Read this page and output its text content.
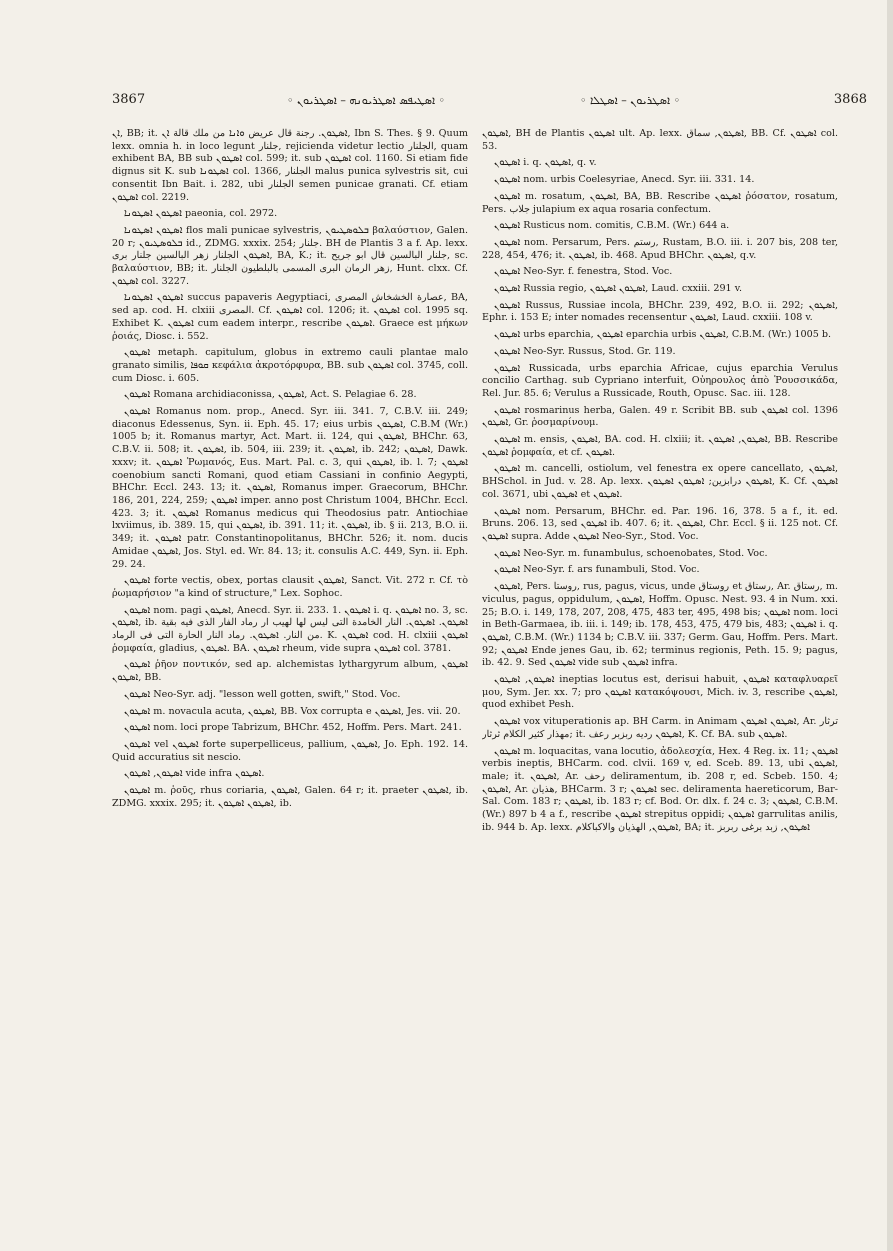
3867	◦ ܐܣܛܝܦܣ ܐܣܛܪܝܘܢܗ – ܐܣܛܪܝܘܢ ◦	◦ ܐܣܛܪܝܘܢ – ܐܣܛܠܐ ◦	3868

ܐܢ, BB; it. ܐܣܛܘܢ. رجنة قال عريض ܘܐܢܐ من ملك قالة ܐܢ, Ibn S. Thes. § 9. Quum lexx. omnia h. in loco legunt جلنار, rejicienda videtur lectio الجلنار, quam exhibent BA, BB sub ܐܣܛܘܢ col. 599; it. sub ܐܣܛܘܢ col. 1160. Si etiam fide dignus sit K. sub ܐܣܛܘܢܐ col. 1366, الجلنار malus punica sylvestris sit, cui consentit Ibn Bait. i. 282, ubi الجلنار semen punicae granati. Cf. etiam ܐܣܛܘܢ col. 2219.

ܐܣܛܘܢ ܐܣܛܘܢܐ paeonia, col. 2972.

ܐܣܛܘܢ ܐܣܛܘܢܐ flos mali punicae sylvestris, ܒܠܘܣܛܝܘܢ βαλαύστιον, Galen. 20 r; ܒܠܘܣܛܝܘܢ id., ZDMG. xxxix. 254; جلنار. BH de Plantis 3 a f. Ap. lexx. ܐܣܛܘܢ الجلنار زهر البالسين جلنار برى, BA, K.; it. جلنار البالسين قال ابو جريح, sc. βαλαύστιον, BB; it. زهر الرمان البرى المسمى بالبلطيون الجلنار, Hunt. clxx. Cf. ܐܣܛܘܢ col. 3227.

ܐܣܛܘܢ ܐܣܛܘܢܐ succus papaveris Aegyptiaci, عصارة الخشخاش المصرى, BA, sed ap. cod. H. clxiii المصرى. Cf. ܐܣܛܘܢ col. 1206; it. ܐܣܛܘܢ col. 1995 sq. Exhibet K. ܐܣܛܘܢ cum eadem interpr., rescribe ܐܣܛܘܢ. Graece est μήκων ῥοιάς, Diosc. i. 552.

ܐܣܛܘܢ metaph. capitulum, globus in extremo cauli plantae malo granato similis, ܩܘܦܐ κεφάλια ἀκροτόρφυρα, BB. sub ܐܣܛܘܢ col. 3745, coll. cum Diosc. i. 605.

ܐܣܛܘܢ Romana archidiaconissa, ܐܣܛܘܢ, Act. S. Pelagiae 6. 28.

ܐܣܛܘܢ Romanus nom. prop., Anecd. Syr. iii. 341. 7, C.B.V. iii. 249; diaconus Edessenus, Syn. ii. Eph. 45. 17; eius urbis ܐܣܛܘܢ, C.B.M (Wr.) 1005 b; it. Romanus martyr, Act. Mart. ii. 124, qui ܐܣܛܘܢ, BHChr. 63, C.B.V. ii. 508; it. ܐܣܛܘܢ, ib. 504, iii. 239; it. ܐܣܛܘܢ, ib. 242; ܐܣܛܘܢ, Dawk. xxxv; it. ܐܣܛܘܢ Ῥωμανός, Eus. Mart. Pal. c. 3, qui ܐܣܛܘܢ, ib. l. 7; ܐܣܛܘܢ coenobium sancti Romani, quod etiam Cassiani in confinio Aegypti, BHChr. Eccl. 243. 13; it. ܐܣܛܘܢ, Romanus imper. Graecorum, BHChr. 186, 201, 224, 259; ܐܣܛܘܢ imper. anno post Christum 1004, BHChr. Eccl. 423. 3; it. ܐܣܛܘܢ Romanus medicus qui Theodosius patr. Antiochiae lxviimus, ib. 389. 15, qui ܐܣܛܘܢ, ib. 391. 11; it. ܐܣܛܘܢ, ib. § ii. 213, B.O. ii. 349; it. ܐܣܛܘܢ patr. Constantinopolitanus, BHChr. 526; it. nom. ducis Amidae ܐܣܛܘܢ, Jos. Styl. ed. Wr. 84. 13; it. consulis A.C. 449, Syn. ii. Eph. 29. 24.

ܐܣܛܘܢ forte vectis, obex, portas clausit ܐܣܛܘܢ, Sanct. Vit. 272 r. Cf. τὸ ῥωμαρήσιον "a kind of structure," Lex. Sophoc.

ܐܣܛܘܢ nom. pagi ܐܣܛܘܢ, Anecd. Syr. ii. 233. 1. ܐܣܛܘܢ i. q. ܐܣܛܘܢ no. 3, sc. ܐܣܛܘܢ, ib. ܐܣܛܘܢ. ܐܣܛܘܢ. النار الخامدة التى ليس لها لهيب ار رماد الفار الذى فيه بقية من النار. ܐܣܛܘܢ. رماد النار الحارة التى فى الرماد. K. ܐܣܛܘܢ cod. H. clxiii ܐܣܛܘܢ ῥομφαία, gladius, ܐܣܛܘܢ. BA. ܐܣܛܘܢ rheum, vide supra ܐܣܛܘܢ col. 3781.

ܐܣܛܘܢ ῥῆον ποντικόν, sed ap. alchemistas lythargyrum album, ܐܣܛܘܢ ܐܣܛܘܢ, BB.

ܐܣܛܘܢ Neo-Syr. adj. "lesson well gotten, swift," Stod. Voc.

ܐܣܛܘܢ m. novacula acuta, ܐܣܛܘܢ, BB. Vox corrupta e ܐܣܛܘܢ, Jes. vii. 20.

ܐܣܛܘܢ nom. loci prope Tabrizum, BHChr. 452, Hoffm. Pers. Mart. 241.

ܐܣܛܘܢ vel ܐܣܛܘܢ forte superpelliceus, pallium, ܐܣܛܘܢ, Jo. Eph. 192. 14. Quid accuratius sit nescio.

ܐܣܛܘܢ, ܐܣܛܘܢ vide infra ܐܣܛܘܢ.

ܐܣܛܘܢ m. ῥοῦς, rhus coriaria, ܐܣܛܘܢ, Galen. 64 r; it. praeter ܐܣܛܘܢ, ib. ZDMG. xxxix. 295; it. ܐܣܛܘܢ ܐܣܛܘܢ, ib.

ܐܣܛܘܢ, BH de Plantis ܐܣܛܘܢ ult. Ap. lexx. ܐܣܛܘܢ, سماق, BB. Cf. ܐܣܛܘܢ col. 53.

ܐܣܛܘܢ i. q. ܐܣܛܘܢ, q. v.

ܐܣܛܘܢ nom. urbis Coelesyriae, Anecd. Syr. iii. 331. 14.

ܐܣܛܘܢ m. rosatum, ܐܣܛܘܢ, BA, BB. Rescribe ܐܣܛܘܢ ῥόσατον, rosatum, Pers. جلاب julapium ex aqua rosaria confectum.

ܐܣܛܘܢ Rusticus nom. comitis, C.B.M. (Wr.) 644 a.

ܐܣܛܘܢ nom. Persarum, Pers. رستم, Rustam, B.O. iii. i. 207 bis, 208 ter, 228, 454, 476; it. ܐܣܛܘܢ, ib. 468. Apud BHChr. ܐܣܛܘܢ, q.v.

ܐܣܛܘܢ Neo-Syr. f. fenestra, Stod. Voc.

ܐܣܛܘܢ Russia regio, ܐܣܛܘܢ ܐܣܛܘܢ, Laud. cxxiii. 291 v.

ܐܣܛܘܢ Russus, Russiae incola, BHChr. 239, 492, B.O. ii. 292; ܐܣܛܘܢ, Ephr. i. 153 E; inter nomades recensentur ܐܣܛܘܢ, Laud. cxxiii. 108 v.

ܐܣܛܘܢ urbs eparchia, ܐܣܛܘܢ eparchia urbis ܐܣܛܘܢ, C.B.M. (Wr.) 1005 b.

ܐܣܛܘܢ Neo-Syr. Russus, Stod. Gr. 119.

ܐܣܛܘܢ Russicada, urbs eparchia Africae, cujus eparchia Verulus concilio Carthag. sub Cypriano interfuit, Οὐηρουλος ἀπὸ Ῥουσσικάδα, Rel. Jur. 85. 6; Verulus a Russicade, Routh, Opusc. Sac. iii. 128.

ܐܣܛܘܢ rosmarinus herba, Galen. 49 r. Scribit BB. sub ܐܣܛܘܢ col. 1396 ܐܣܛܘܢ, Gr. ῥοσμαρίνουμ.

ܐܣܛܘܢ m. ensis, ܐܣܛܘܢ, BA. cod. H. clxiii; it. ܐܣܛܘܢ, ܐܣܛܘܢ, BB. Rescribe ܐܣܛܘܢ ῥομφαία, et cf. ܐܣܛܘܢ.

ܐܣܛܘܢ m. cancelli, ostiolum, vel fenestra ex opere cancellato, ܐܣܛܘܢ, BHSchol. in Jud. v. 28. Ap. lexx. ܐܣܛܘܢ درابزين; ܐܣܛܘܢ ܐܣܛܘܢ, K. Cf. ܐܣܛܘܢ col. 3671, ubi ܐܣܛܘܢ et ܐܣܛܘܢ.

ܐܣܛܘܢ nom. Persarum, BHChr. ed. Par. 196. 16, 378. 5 a f., it. ed. Bruns. 206. 13, sed ܐܣܛܘܢ ib. 407. 6; it. ܐܣܛܘܢ, Chr. Eccl. § ii. 125 not. Cf. ܐܣܛܘܢ supra. Adde ܐܣܛܘܢ Neo-Syr., Stod. Voc.

ܐܣܛܘܢ Neo-Syr. m. funambulus, schoenobates, Stod. Voc.

ܐܣܛܘܢ Neo-Syr. f. ars funambuli, Stod. Voc.

ܐܣܛܘܢ, Pers. روستا, rus, pagus, vicus, unde روستاق et رستاق, Ar. رستاق, m. viculus, pagus, oppidulum, ܐܣܛܘܢ, Hoffm. Opusc. Nest. 93. 4 in Num. xxi. 25; B.O. i. 149, 178, 207, 208, 475, 483 ter, 495, 498 bis; ܐܣܛܘܢ nom. loci in Beth-Garmaea, ib. iii. i. 149; ib. 178, 453, 475, 479 bis, 483; ܐܣܛܘܢ i. q. ܐܣܛܘܢ, C.B.M. (Wr.) 1134 b; C.B.V. iii. 337; Germ. Gau, Hoffm. Pers. Mart. 92; ܐܣܛܘܢ Ende jenes Gau, ib. 62; terminus regionis, Peth. 15. 9; pagus, ib. 42. 9. Sed ܐܣܛܘܢ vide sub ܐܣܛܘܢ infra.

ܐܣܛܘܢ, ܐܣܛܘܢ ineptias locutus est, derisui habuit, ܐܣܛܘܢ καταφλυαρεῖ μου, Sym. Jer. xx. 7; pro ܐܣܛܘܢ κατακόψουσι, Mich. iv. 3, rescribe ܐܣܛܘܢ, quod exhibet Pesh.

ܐܣܛܘܢ vox vituperationis ap. BH Carm. in Animam ܐܣܛܘܢ ܐܣܛܘܢ, Ar. ترثار مهذار كثير الكلام ثرثار; it. ܐܣܛܘܢ رديه ربزبر رعف, K. Cf. BA. sub ܐܣܛܘܢ.

ܐܣܛܘܢ m. loquacitas, vana locutio, ἀδολεσχία, Hex. 4 Reg. ix. 11; ܐܣܛܘܢ verbis ineptis, BHCarm. cod. clvii. 169 v, ed. Sceb. 89. 13, ubi ܐܣܛܘܢ, male; it. ܐܣܛܘܢ, Ar. رحف deliramentum, ib. 208 r, ed. Scbeb. 150. 4; ܐܣܛܘܢ, Ar. هذيان, BHCarm. 3 r; ܐܣܛܘܢ sec. deliramenta haereticorum, Bar-Sal. Com. 183 r; ܐܣܛܘܢ, ib. 183 r; cf. Bod. Or. dlx. f. 24 c. 3; ܐܣܛܘܢ, C.B.M. (Wr.) 897 b 4 a f., rescribe ܐܣܛܘܢ strepitus oppidi; ܐܣܛܘܢ garrulitas anilis, ib. 944 b. Ap. lexx. ܐܣܛܘܢ, الهذيان والاكباكلام, BA; it. ܐܣܛܘܢ, زبد برغى ربربز
